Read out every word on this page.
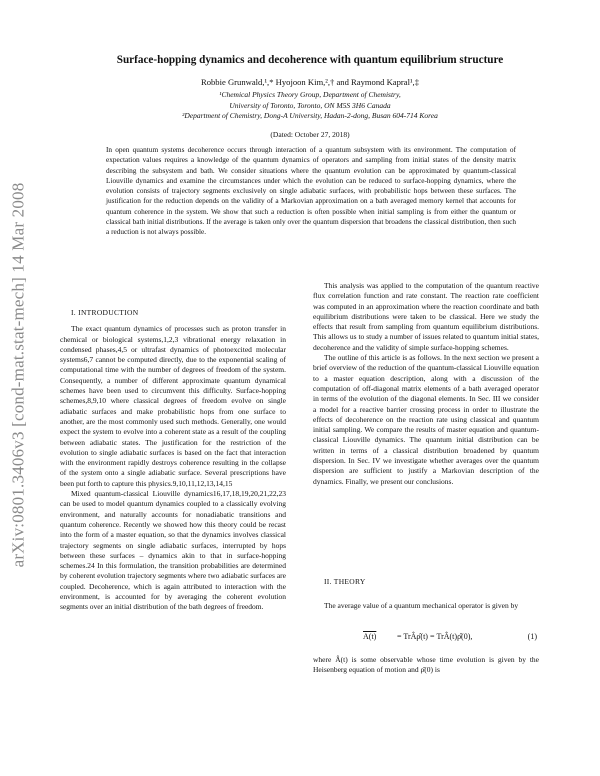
arXiv:0801.3406v3 [cond-mat.stat-mech] 14 Mar 2008
Surface-hopping dynamics and decoherence with quantum equilibrium structure
Robbie Grunwald,¹,* Hyojoon Kim,²,† and Raymond Kapral¹,‡
¹Chemical Physics Theory Group, Department of Chemistry,
University of Toronto, Toronto, ON M5S 3H6 Canada
²Department of Chemistry, Dong-A University, Hadan-2-dong, Busan 604-714 Korea
(Dated: October 27, 2018)

In open quantum systems decoherence occurs through interaction of a quantum subsystem with its environment. The computation of expectation values requires a knowledge of the quantum dynamics of operators and sampling from initial states of the density matrix describing the subsystem and bath. We consider situations where the quantum evolution can be approximated by quantum-classical Liouville dynamics and examine the circumstances under which the evolution can be reduced to surface-hopping dynamics, where the evolution consists of trajectory segments exclusively on single adiabatic surfaces, with probabilistic hops between these surfaces. The justification for the reduction depends on the validity of a Markovian approximation on a bath averaged memory kernel that accounts for quantum coherence in the system. We show that such a reduction is often possible when initial sampling is from either the quantum or classical bath initial distributions. If the average is taken only over the quantum dispersion that broadens the classical distribution, then such a reduction is not always possible.

I. INTRODUCTION

The exact quantum dynamics of processes such as proton transfer in chemical or biological systems,1,2,3 vibrational energy relaxation in condensed phases,4,5 or ultrafast dynamics of photoexcited molecular systems6,7 cannot be computed directly, due to the exponential scaling of computational time with the number of degrees of freedom of the system. Consequently, a number of different approximate quantum dynamical schemes have been used to circumvent this difficulty. Surface-hopping schemes,8,9,10 where classical degrees of freedom evolve on single adiabatic surfaces and make probabilistic hops from one surface to another, are the most commonly used such methods. Generally, one would expect the system to evolve into a coherent state as a result of the coupling between adiabatic states. The justification for the restriction of the evolution to single adiabatic surfaces is based on the fact that interaction with the environment rapidly destroys coherence resulting in the collapse of the system onto a single adiabatic surface. Several prescriptions have been put forth to capture this physics.9,10,11,12,13,14,15

Mixed quantum-classical Liouville dynamics16,17,18,19,20,21,22,23 can be used to model quantum dynamics coupled to a classically evolving environment, and naturally accounts for nonadiabatic transitions and quantum coherence. Recently we showed how this theory could be recast into the form of a master equation, so that the dynamics involves classical trajectory segments on single adiabatic surfaces, interrupted by hops between these surfaces – dynamics akin to that in surface-hopping schemes.24 In this formulation, the transition probabilities are determined by coherent evolution trajectory segments where two adiabatic surfaces are coupled. Decoherence, which is again attributed to interaction with the environment, is accounted for by averaging the coherent evolution segments over an initial distribution of the bath degrees of freedom.

This analysis was applied to the computation of the quantum reactive flux correlation function and rate constant. The reaction rate coefficient was computed in an approximation where the reaction coordinate and bath equilibrium distributions were taken to be classical. Here we study the effects that result from sampling from quantum equilibrium distributions. This allows us to study a number of issues related to quantum initial states, decoherence and the validity of simple surface-hopping schemes.

The outline of this article is as follows. In the next section we present a brief overview of the reduction of the quantum-classical Liouville equation to a master equation description, along with a discussion of the computation of off-diagonal matrix elements of a bath averaged operator in terms of the evolution of the diagonal elements. In Sec. III we consider a model for a reactive barrier crossing process in order to illustrate the effects of decoherence on the reaction rate using classical and quantum initial sampling. We compare the results of master equation and quantum-classical Liouville dynamics. The quantum initial distribution can be written in terms of a classical distribution broadened by quantum dispersion. In Sec. IV we investigate whether averages over the quantum dispersion are sufficient to justify a Markovian description of the dynamics. Finally, we present our conclusions.

II. THEORY

The average value of a quantum mechanical operator is given by

A(t)	= TrÂρ̂(t) = TrÂ(t)ρ̂(0),	(1)

where Â(t) is some observable whose time evolution is given by the Heisenberg equation of motion and ρ̂(0) is
